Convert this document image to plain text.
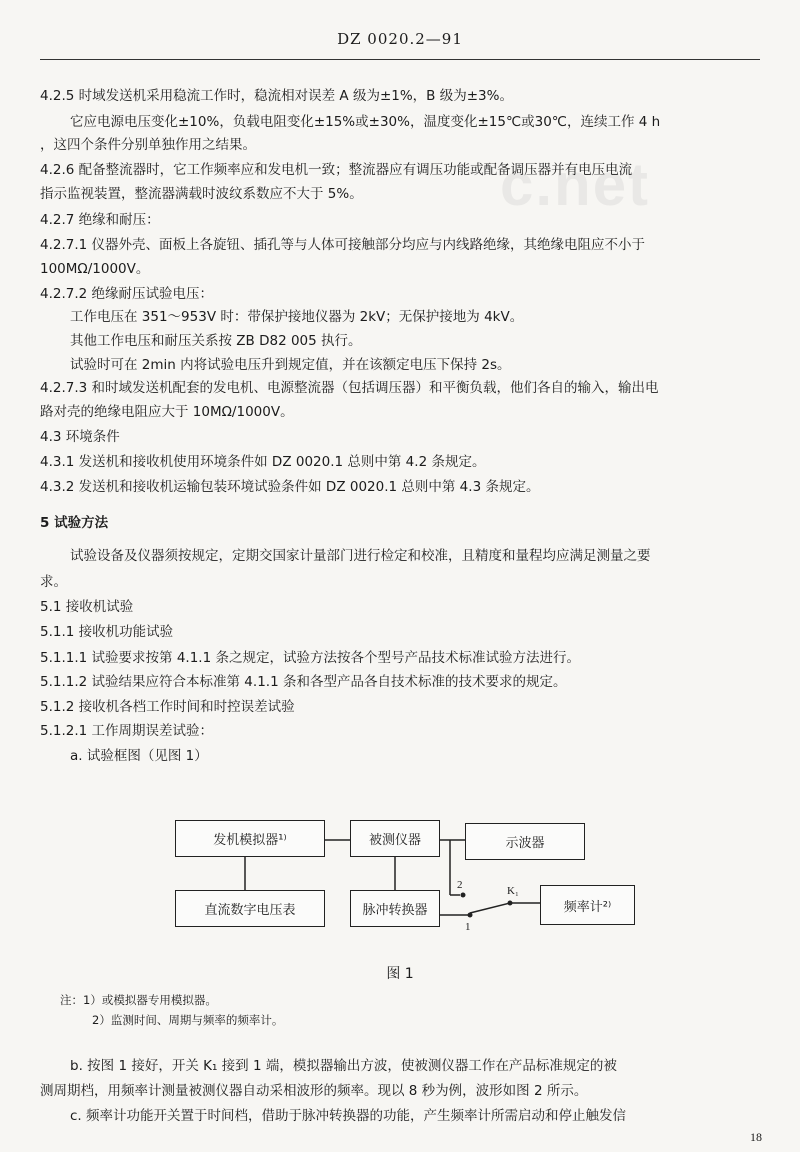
DZ 0020.2—91
c.net
4.2.5 时域发送机采用稳流工作时，稳流相对误差 A 级为±1%，B 级为±3%。
它应电源电压变化±10%，负载电阻变化±15%或±30%，温度变化±15℃或30℃，连续工作 4 h
，这四个条件分别单独作用之结果。
4.2.6 配备整流器时，它工作频率应和发电机一致；整流器应有调压功能或配备调压器并有电压电流
指示监视装置，整流器满载时波纹系数应不大于 5%。
4.2.7 绝缘和耐压：
4.2.7.1 仪器外壳、面板上各旋钮、插孔等与人体可接触部分均应与内线路绝缘，其绝缘电阻应不小于
100MΩ/1000V。
4.2.7.2 绝缘耐压试验电压：
工作电压在 351～953V 时：带保护接地仪器为 2kV；无保护接地为 4kV。
其他工作电压和耐压关系按 ZB D82 005 执行。
试验时可在 2min 内将试验电压升到规定值，并在该额定电压下保持 2s。
4.2.7.3 和时域发送机配套的发电机、电源整流器（包括调压器）和平衡负载，他们各自的输入，输出电
路对壳的绝缘电阻应大于 10MΩ/1000V。
4.3 环境条件
4.3.1 发送机和接收机使用环境条件如 DZ 0020.1 总则中第 4.2 条规定。
4.3.2 发送机和接收机运输包装环境试验条件如 DZ 0020.1 总则中第 4.3 条规定。
5 试验方法
试验设备及仪器须按规定，定期交国家计量部门进行检定和校准，且精度和量程均应满足测量之要
求。
5.1 接收机试验
5.1.1 接收机功能试验
5.1.1.1 试验要求按第 4.1.1 条之规定，试验方法按各个型号产品技术标准试验方法进行。
5.1.1.2 试验结果应符合本标准第 4.1.1 条和各型产品各自技术标准的技术要求的规定。
5.1.2 接收机各档工作时间和时控误差试验
5.1.2.1 工作周期误差试验：
a. 试验框图（见图 1）
发机模拟器¹⁾	被测仪器	示波器
直流数字电压表	脉冲转换器	频率计²⁾
2
1
K₁
图 1
注：1）或模拟器专用模拟器。
2）监测时间、周期与频率的频率计。
b. 按图 1 接好，开关 K₁ 接到 1 端，模拟器输出方波，使被测仪器工作在产品标准规定的被
测周期档，用频率计测量被测仪器自动采相波形的频率。现以 8 秒为例，波形如图 2 所示。
c. 频率计功能开关置于时间档，借助于脉冲转换器的功能，产生频率计所需启动和停止触发信
18
